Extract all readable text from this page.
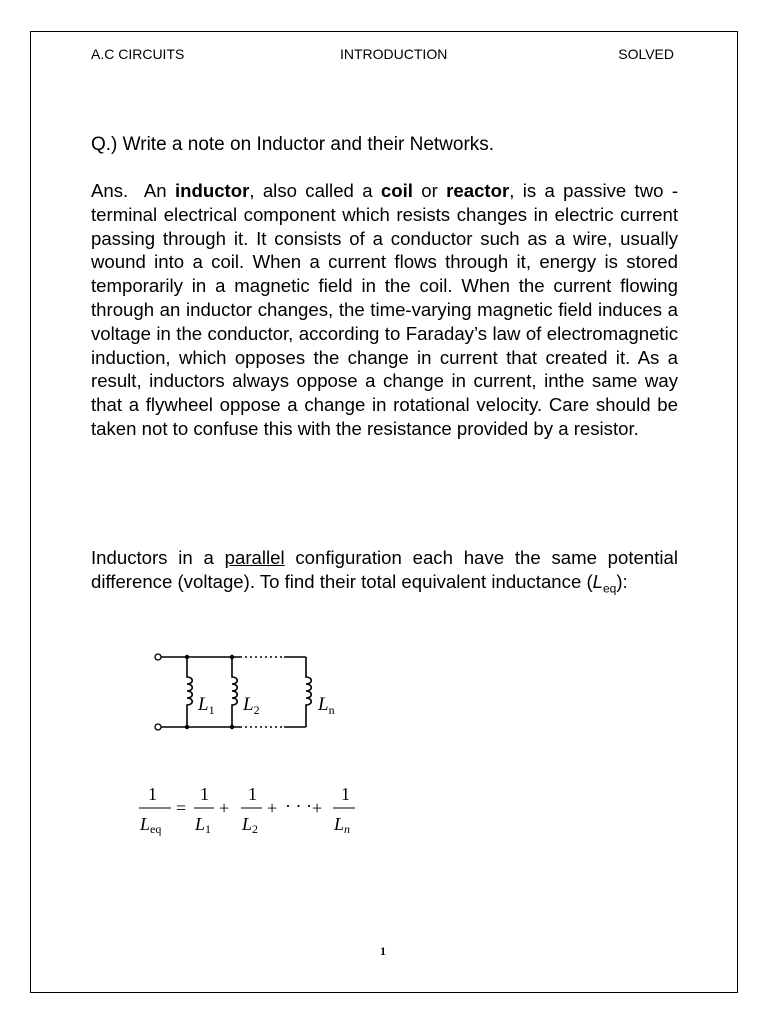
A.C CIRCUITS	INTRODUCTION	SOLVED
Q.) Write a note on Inductor and their Networks.

Ans. An inductor, also called a coil or reactor, is a passive two - terminal electrical component which resists changes in electric current passing through it. It consists of a conductor such as a wire, usually wound into a coil. When a current flows through it, energy is stored temporarily in a magnetic field in the coil. When the current flowing through an inductor changes, the time-varying magnetic field induces a voltage in the conductor, according to Faraday’s law of electromagnetic induction, which opposes the change in current that created it. As a result, inductors always oppose a change in current, inthe same way that a flywheel oppose a change in rotational velocity. Care should be taken not to confuse this with the resistance provided by a resistor.

Inductors in a parallel configuration each have the same potential difference (voltage). To find their total equivalent inductance $(L_{eq})$:

$L_1$ $L_2$	$L_n$
1
Leq
=
1
L1
+
1
L2
+ · · · +
1
Ln
1
